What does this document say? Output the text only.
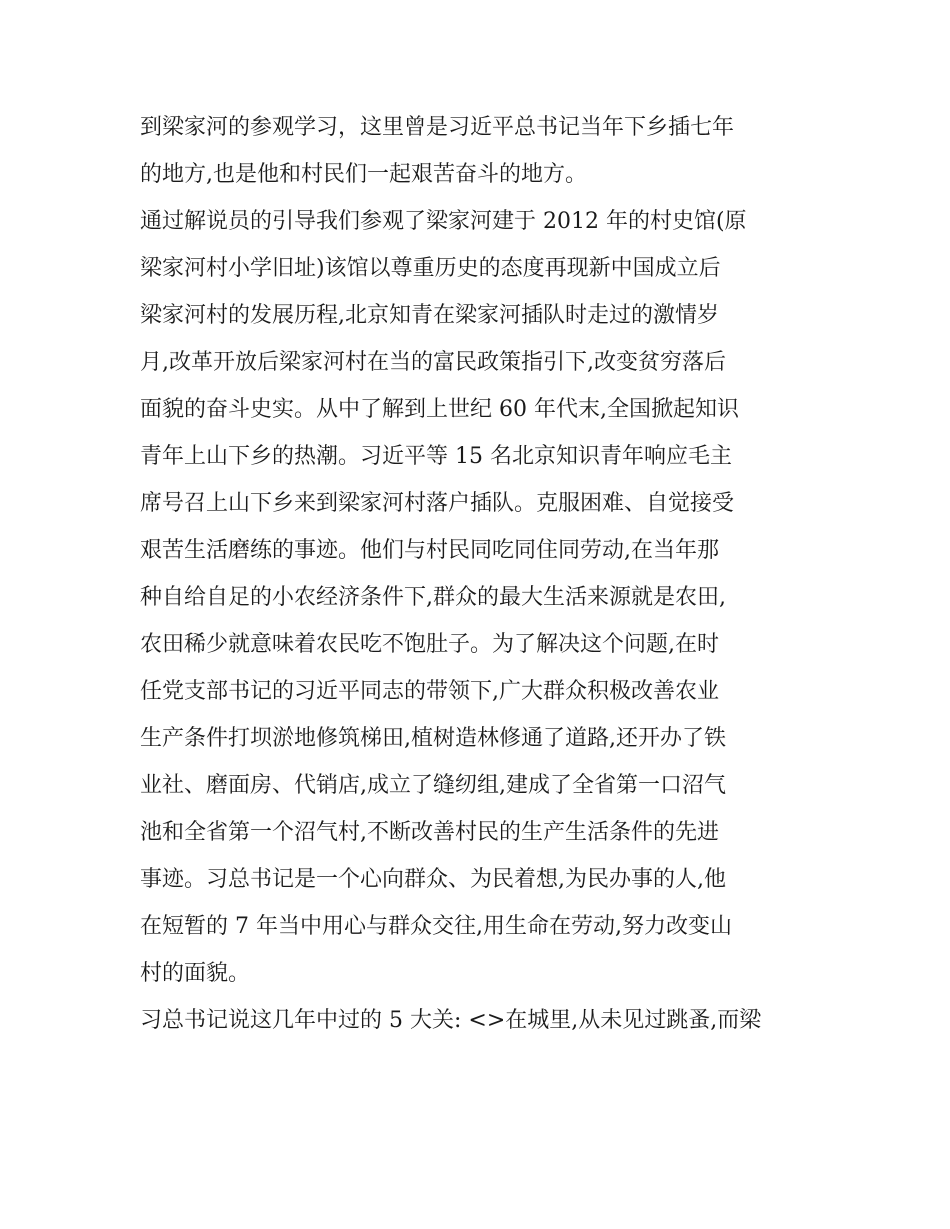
到梁家河的参观学习，这里曾是习近平总书记当年下乡插七年
的地方,也是他和村民们一起艰苦奋斗的地方。
通过解说员的引导我们参观了梁家河建于 2012 年的村史馆(原
梁家河村小学旧址)该馆以尊重历史的态度再现新中国成立后
梁家河村的发展历程,北京知青在梁家河插队时走过的激情岁
月,改革开放后梁家河村在当的富民政策指引下,改变贫穷落后
面貌的奋斗史实。从中了解到上世纪 60 年代末,全国掀起知识
青年上山下乡的热潮。习近平等 15 名北京知识青年响应毛主
席号召上山下乡来到梁家河村落户插队。克服困难、自觉接受
艰苦生活磨练的事迹。他们与村民同吃同住同劳动,在当年那
种自给自足的小农经济条件下,群众的最大生活来源就是农田,
农田稀少就意味着农民吃不饱肚子。为了解决这个问题,在时
任党支部书记的习近平同志的带领下,广大群众积极改善农业
生产条件打坝淤地修筑梯田,植树造林修通了道路,还开办了铁
业社、磨面房、代销店,成立了缝纫组,建成了全省第一口沼气
池和全省第一个沼气村,不断改善村民的生产生活条件的先进
事迹。习总书记是一个心向群众、为民着想,为民办事的人,他
在短暂的 7 年当中用心与群众交往,用生命在劳动,努力改变山
村的面貌。
习总书记说这几年中过的 5 大关: <>在城里,从未见过跳蚤,而梁
